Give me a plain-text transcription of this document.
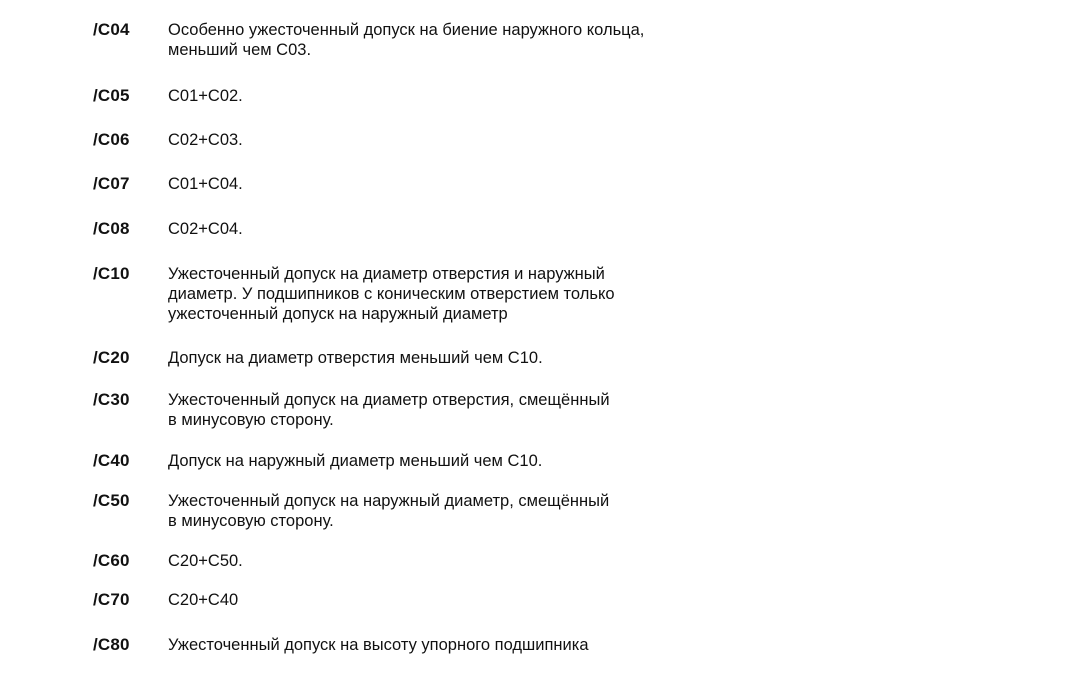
/C04	Особенно ужесточенный допуск на биение наружного кольца,
меньший чем C03.
/C05	C01+C02.
/C06	C02+C03.
/C07	C01+C04.
/C08	C02+C04.
/C10	Ужесточенный допуск на диаметр отверстия и наружный
диаметр. У подшипников с коническим отверстием только
ужесточенный допуск на наружный диаметр
/C20	Допуск на диаметр отверстия меньший чем C10.
/C30	Ужесточенный допуск на диаметр отверстия, смещённый
в минусовую сторону.
/C40	Допуск на наружный диаметр меньший чем C10.
/C50	Ужесточенный допуск на наружный диаметр, смещённый
в минусовую сторону.
/C60	C20+C50.
/C70	C20+C40
/C80	Ужесточенный допуск на высоту упорного подшипника
